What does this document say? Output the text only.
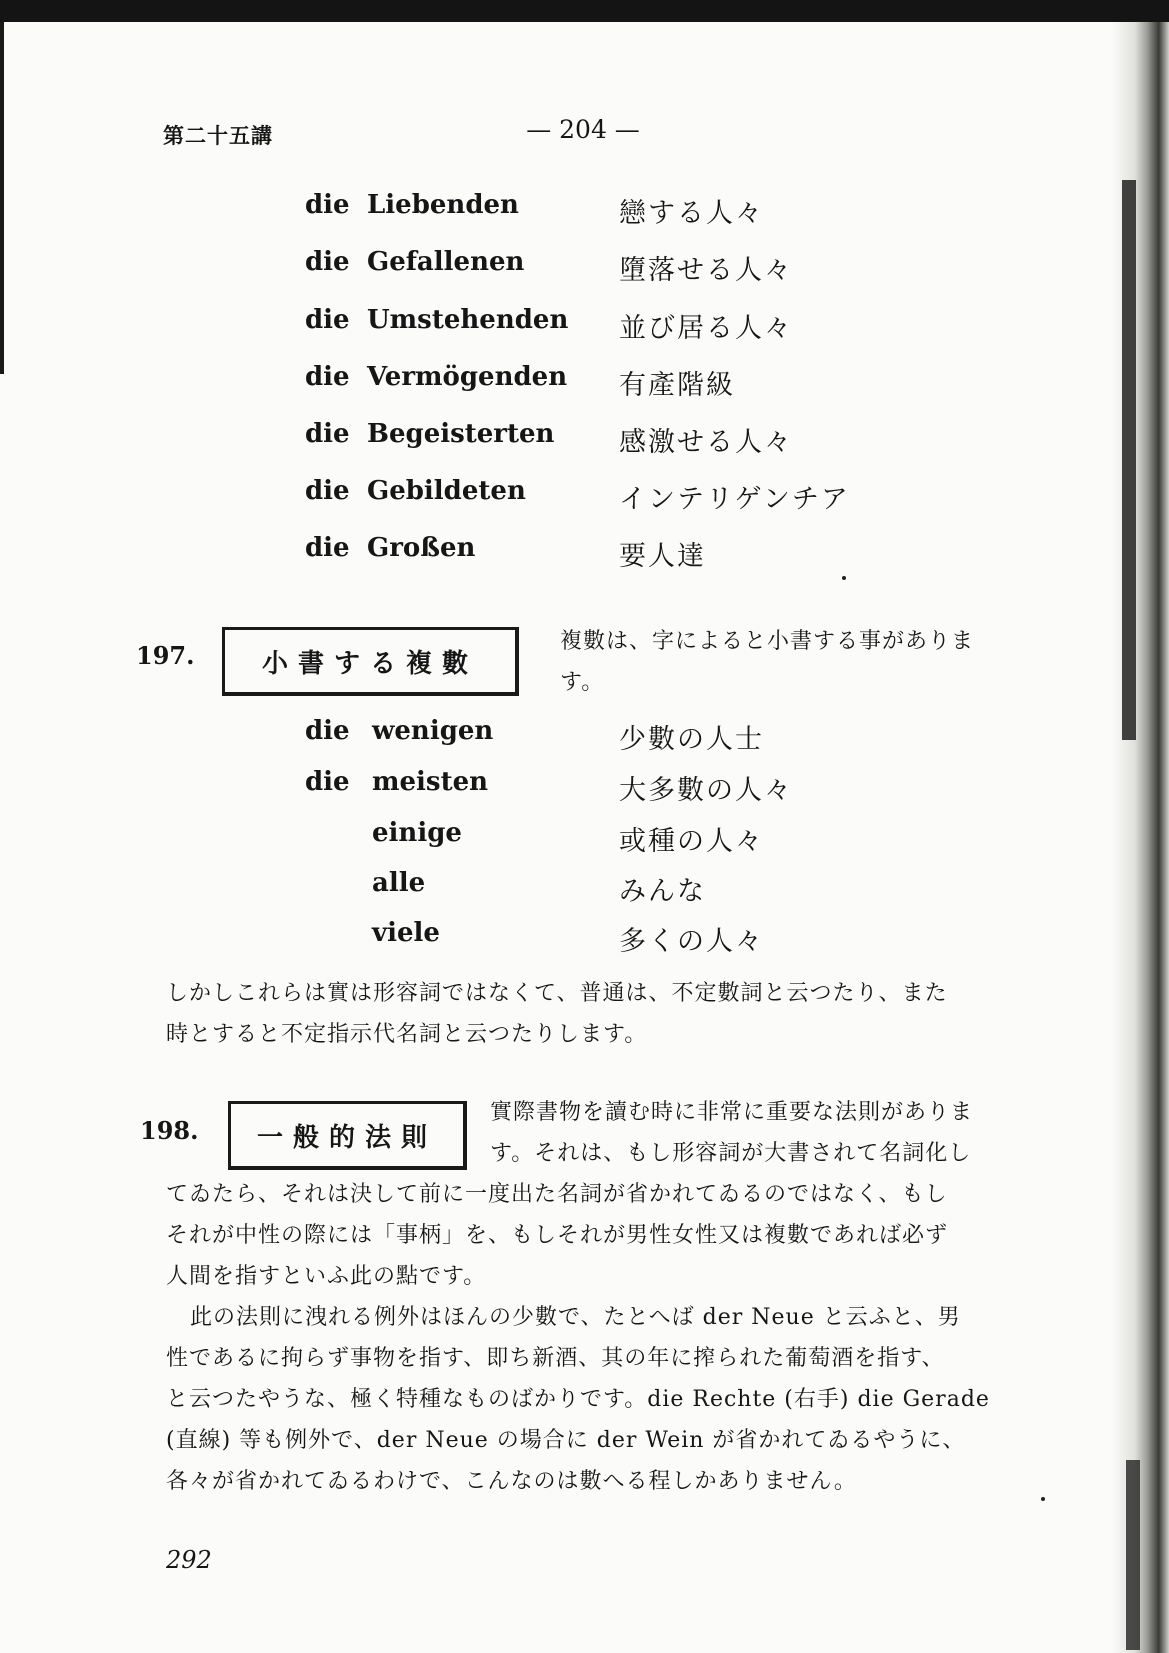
第二十五講	— 204 —
die Liebenden	戀する人々
die Gefallenen	墮落せる人々
die Umstehenden 並び居る人々
die Vermögenden 有產階級
die Begeisterten 感激せる人々
die Gebildeten	インテリゲンチア
die Großen	要人達
197.	小書する複數
複數は、字によると小書する事がありま
す。
die wenigen	少數の人士
die meisten	大多數の人々
einige	或種の人々
alle	みんな
viele	多くの人々
しかしこれらは實は形容詞ではなくて、普通は、不定數詞と云つたり、また
時とすると不定指示代名詞と云つたりします。
198. 一般的法則
實際書物を讀む時に非常に重要な法則がありま
す。それは、もし形容詞が大書されて名詞化し
てゐたら、それは決して前に一度出た名詞が省かれてゐるのではなく、もし
それが中性の際には「事柄」を、もしそれが男性女性又は複數であれば必ず
人間を指すといふ此の點です。
此の法則に洩れる例外はほんの少數で、たとへば der Neue と云ふと、男
性であるに拘らず事物を指す、即ち新酒、其の年に搾られた葡萄酒を指す、
と云つたやうな、極く特種なものばかりです。die Rechte (右手) die Gerade
(直線) 等も例外で、der Neue の場合に der Wein が省かれてゐるやうに、
各々が省かれてゐるわけで、こんなのは數へる程しかありません。
292
